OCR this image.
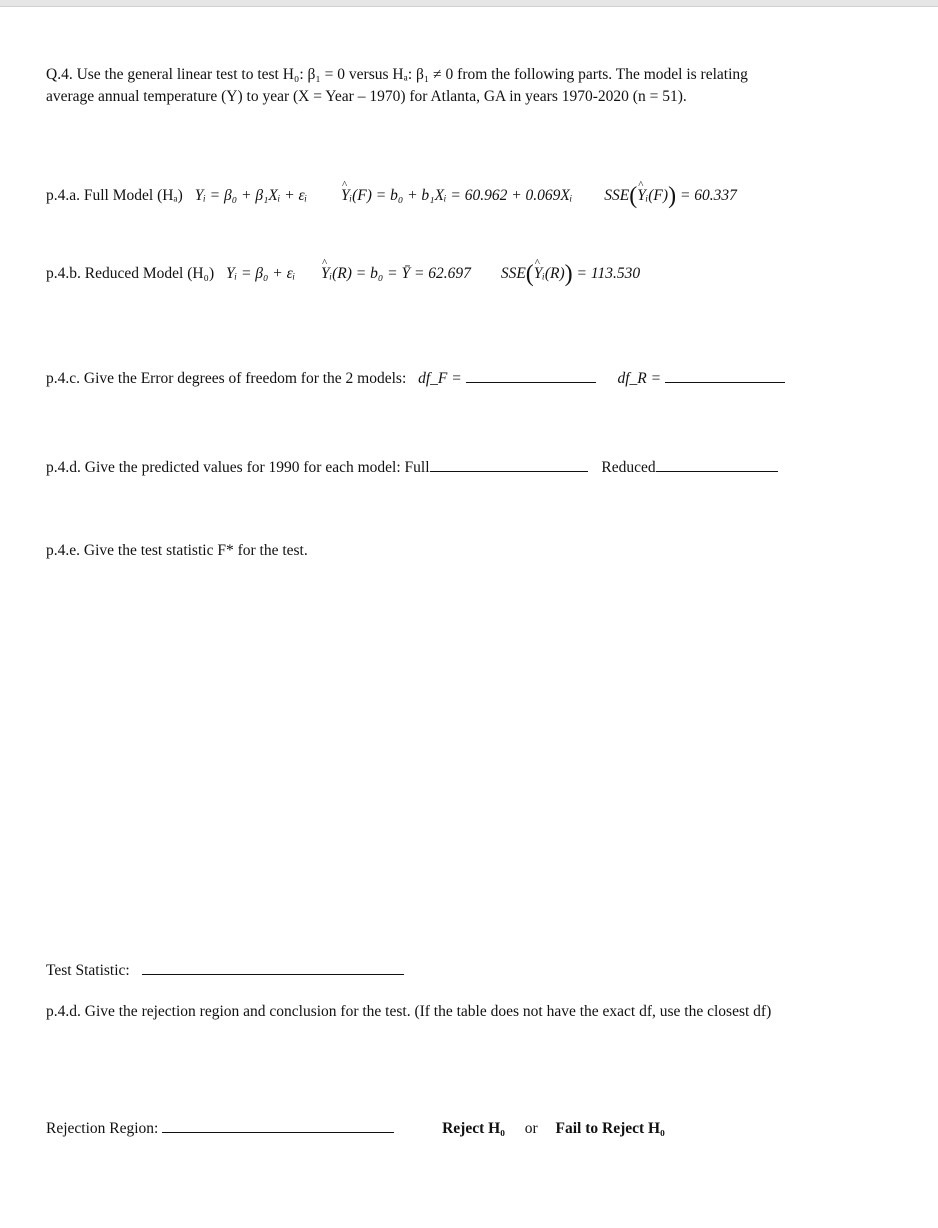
Q.4. Use the general linear test to test H₀: β₁ = 0 versus Hₐ: β₁ ≠ 0 from the following parts. The model is relating
average annual temperature (Y) to year (X = Year – 1970) for Atlanta, GA in years 1970-2020 (n = 51).
p.4.a. Full Model (Hₐ) Yᵢ = β₀ + β₁Xᵢ + εᵢ ^ Yᵢ(F) = b₀ + b₁Xᵢ = 60.962 + 0.069Xᵢ SSE(^ Yᵢ(F)) = 60.337
p.4.b. Reduced Model (H₀) Yᵢ = β₀ + εᵢ ^ Yᵢ(R) = b₀ = Ȳ = 62.697 SSE(^ Yᵢ(R)) = 113.530
p.4.c. Give the Error degrees of freedom for the 2 models: df_F =	df_R =
p.4.d. Give the predicted values for 1990 for each model: Full	Reduced
p.4.e. Give the test statistic F* for the test.
Test Statistic:
p.4.d. Give the rejection region and conclusion for the test. (If the table does not have the exact df, use the closest df)
Rejection Region:	Reject H₀ or Fail to Reject H₀
